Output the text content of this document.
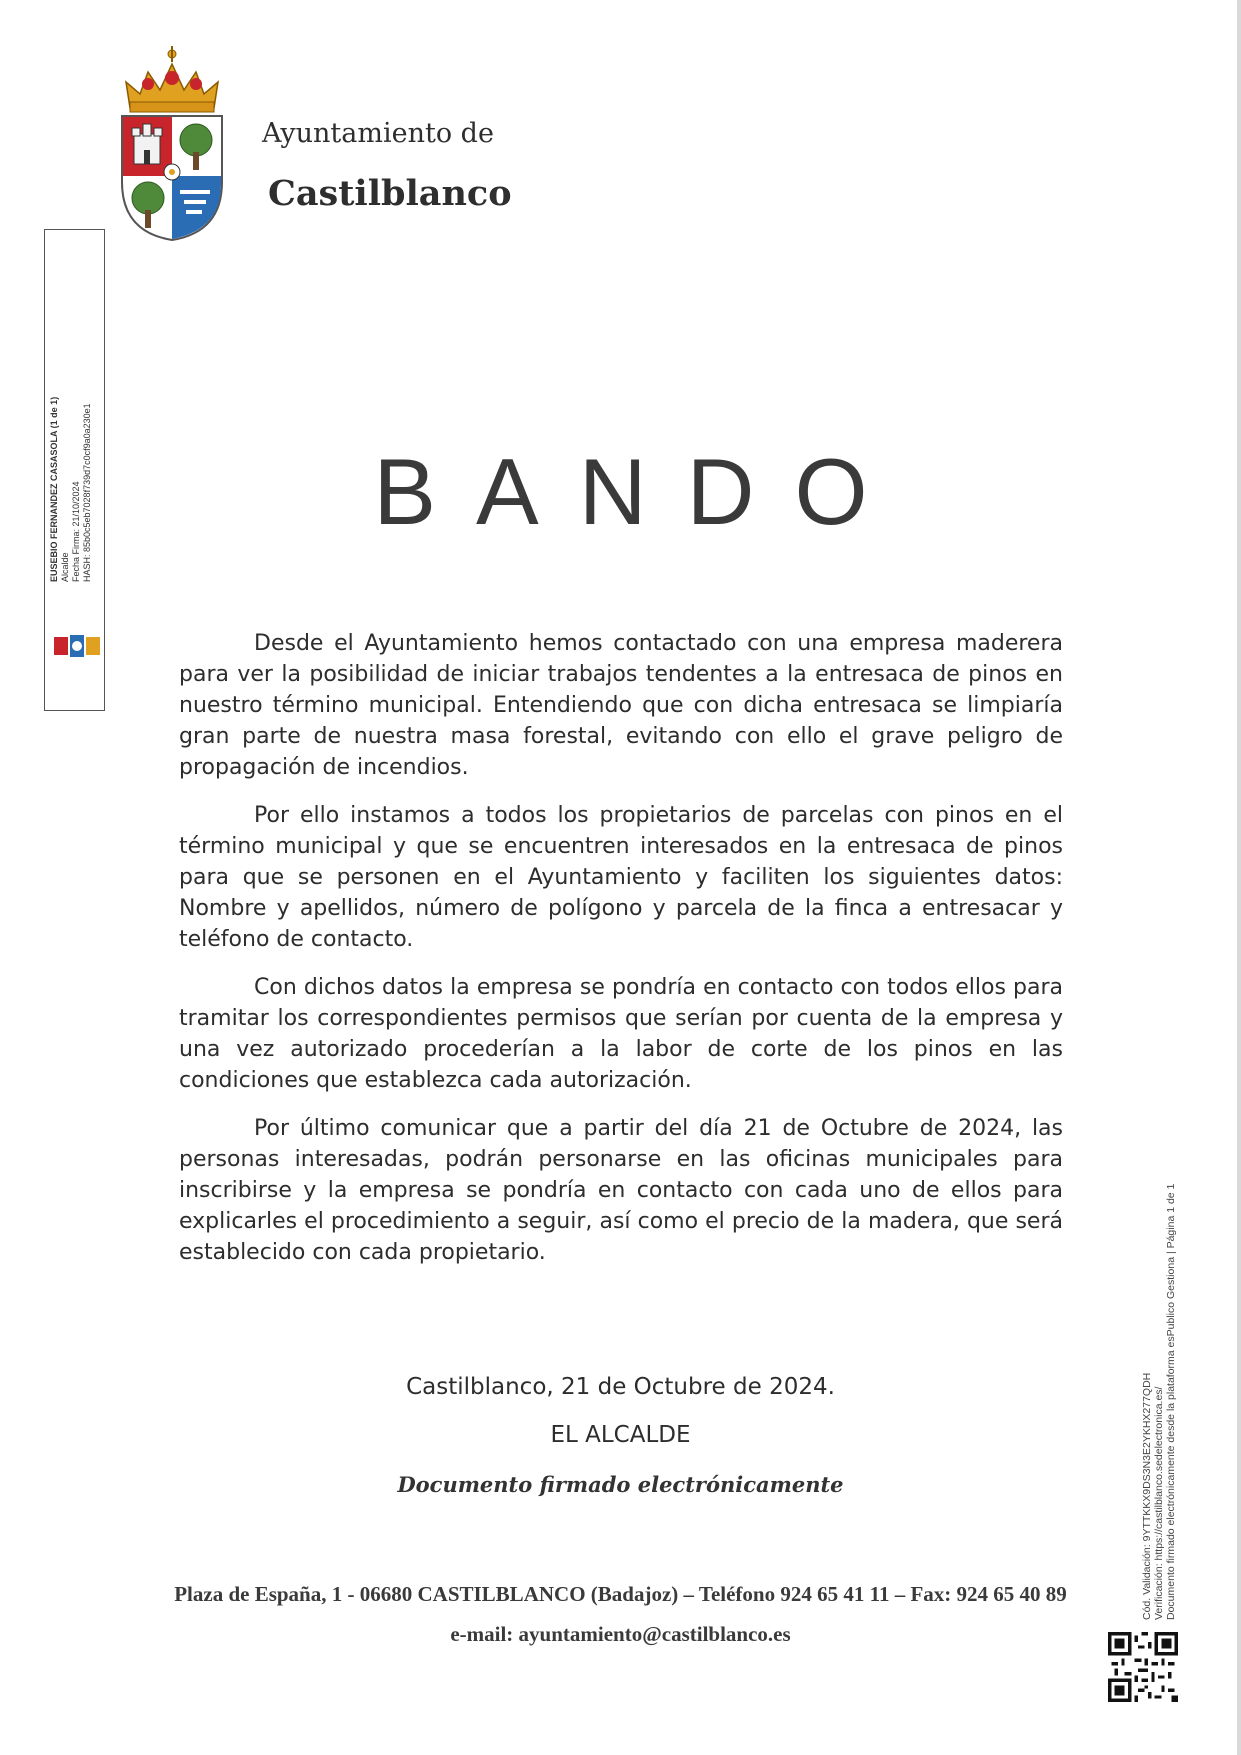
Ayuntamiento de
Castilblanco
EUSEBIO FERNANDEZ CASASOLA (1 de 1) Alcalde Fecha Firma: 21/10/2024 HASH: 85b0c5eb7028f739d7c0cf9a0a230e1	BANDO

Desde el Ayuntamiento hemos contactado con una empresa maderera para ver la posibilidad de iniciar trabajos tendentes a la entresaca de pinos en nuestro término municipal. Entendiendo que con dicha entresaca se limpiaría gran parte de nuestra masa forestal, evitando con ello el grave peligro de propagación de incendios.

Por ello instamos a todos los propietarios de parcelas con pinos en el término municipal y que se encuentren interesados en la entresaca de pinos para que se personen en el Ayuntamiento y faciliten los siguientes datos: Nombre y apellidos, número de polígono y parcela de la finca a entresacar y teléfono de contacto.

Con dichos datos la empresa se pondría en contacto con todos ellos para tramitar los correspondientes permisos que serían por cuenta de la empresa y una vez autorizado procederían a la labor de corte de los pinos en las condiciones que establezca cada autorización.

Por último comunicar que a partir del día 21 de Octubre de 2024, las personas interesadas, podrán personarse en las oficinas municipales para inscribirse y la empresa se pondría en contacto con cada uno de ellos para explicarles el procedimiento a seguir, así como el precio de la madera, que será establecido con cada propietario.

Castilblanco, 21 de Octubre de 2024.
EL ALCALDE
Documento firmado electrónicamente
Plaza de España, 1 - 06680 CASTILBLANCO (Badajoz) – Teléfono 924 65 41 11 – Fax: 924 65 40 89
e-mail: ayuntamiento@castilblanco.es
Cód. Validación: 9YTTKKX9DS3N3E2YKHX277QDH Verificación: https://castilblanco.sedelectronica.es/ Documento firmado electrónicamente desde la plataforma esPublico Gestiona | Página 1 de 1
